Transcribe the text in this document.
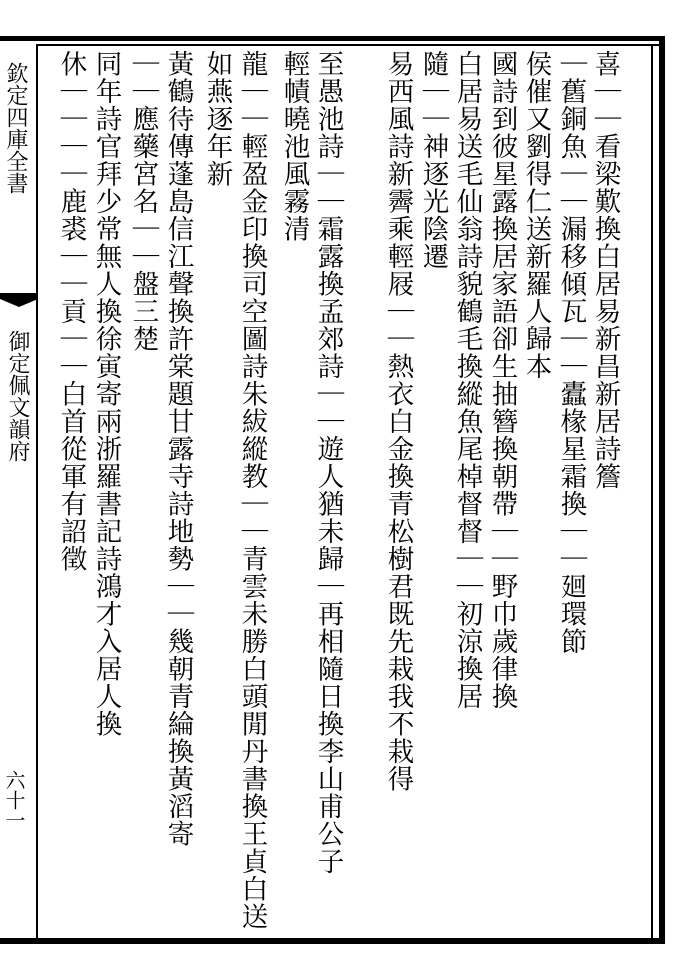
欽定四庫全書
御定佩文韻府
六十一
喜｜｜看梁歎換白居易新昌新居詩簷
｜舊銅魚｜｜漏移傾瓦｜｜蠹椽星霜換｜｜廻環節
侯催又劉得仁送新羅人歸本
國詩到彼星露換居家語卻生抽簪換朝帶｜｜野巾歲律換
白居易送毛仙翁詩貌鶴毛換縱魚尾棹督督｜｜初涼換居
隨｜｜神逐光陰遷
易西風詩新霽乘輕屐｜｜熱衣白金換青松樹君既先栽我不栽得
至愚池詩｜｜霜露換孟郊詩｜｜遊人猶未歸｜再相隨日換李山甫公子
輕幘曉池風霧清
龍｜｜輕盈金印換司空圖詩朱紱縱教｜｜青雲未勝白頭閒丹書換王貞白送
如燕逐年新
黃鶴待傳蓬島信江聲換許棠題甘露寺詩地勢｜｜幾朝青綸換黃滔寄
｜｜應藥宮名｜｜盤三楚
同年詩官拜少常無人換徐寅寄兩浙羅書記詩鴻才入居人換
休｜｜｜｜鹿裘｜｜貢｜｜白首從軍有詔徵
